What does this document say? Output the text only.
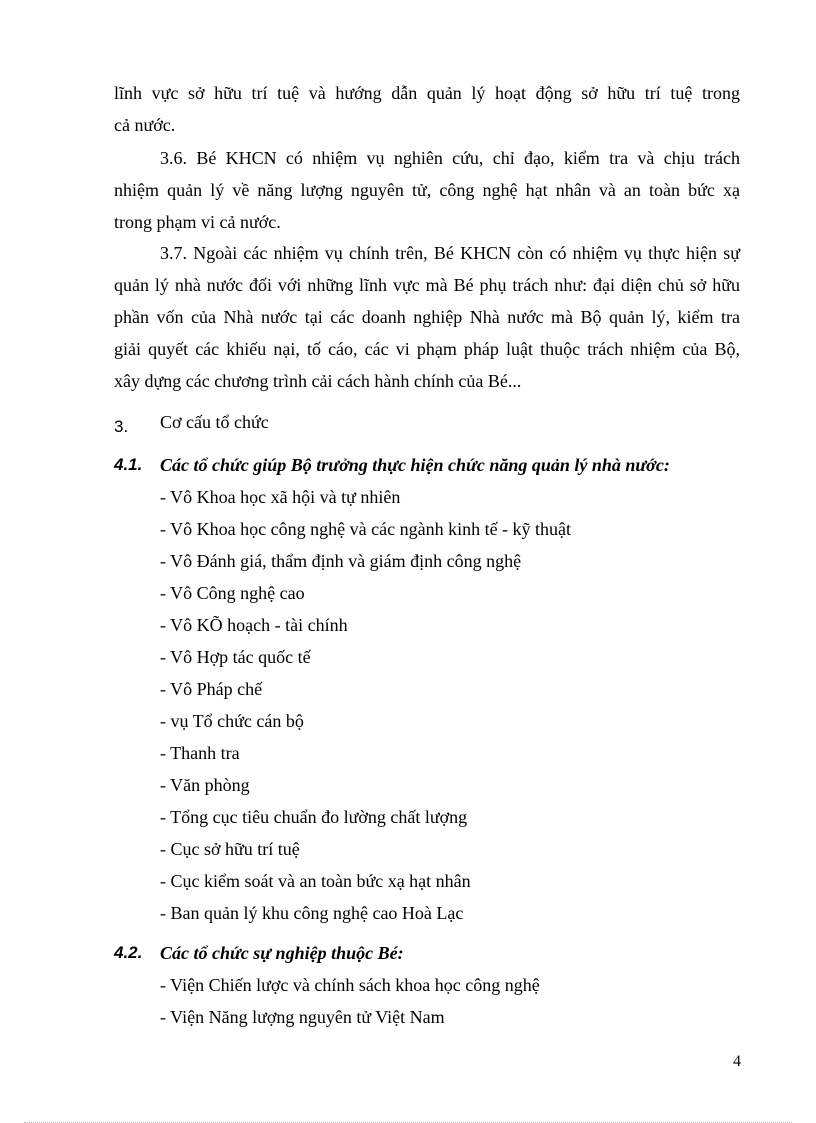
lĩnh vực sở hữu trí tuệ và hướng dẫn quản lý hoạt động sở hữu trí tuệ trong
cả nước.

3.6. Bé KHCN có nhiệm vụ nghiên cứu, chỉ đạo, kiểm tra và chịu trách
nhiệm quản lý về năng lượng nguyên tử, công nghệ hạt nhân và an toàn bức xạ
trong phạm vi cả nước.

3.7. Ngoài các nhiệm vụ chính trên, Bé KHCN còn có nhiệm vụ thực hiện sự
quản lý nhà nước đối với những lĩnh vực mà Bé phụ trách như: đại diện chủ sở hữu
phần vốn của Nhà nước tại các doanh nghiệp Nhà nước mà Bộ quản lý, kiểm tra
giải quyết các khiếu nại, tố cáo, các vi phạm pháp luật thuộc trách nhiệm của Bộ,
xây dựng các chương trình cải cách hành chính của Bé...

3.	Cơ cấu tổ chức
4.1. Các tổ chức giúp Bộ trưởng thực hiện chức năng quản lý nhà nước:
- Vô Khoa học xã hội và tự nhiên
- Vô Khoa học công nghệ và các ngành kinh tế - kỹ thuật
- Vô Đánh giá, thẩm định và giám định công nghệ
- Vô Công nghệ cao
- Vô KÕ hoạch - tài chính
- Vô Hợp tác quốc tế
- Vô Pháp chế
- vụ Tổ chức cán bộ
- Thanh tra
- Văn phòng
- Tổng cục tiêu chuẩn đo lường chất lượng
- Cục sở hữu trí tuệ
- Cục kiểm soát và an toàn bức xạ hạt nhân
- Ban quản lý khu công nghệ cao Hoà Lạc
4.2. Các tổ chức sự nghiệp thuộc Bé:
- Viện Chiến lược và chính sách khoa học công nghệ
- Viện Năng lượng nguyên tử Việt Nam
4
